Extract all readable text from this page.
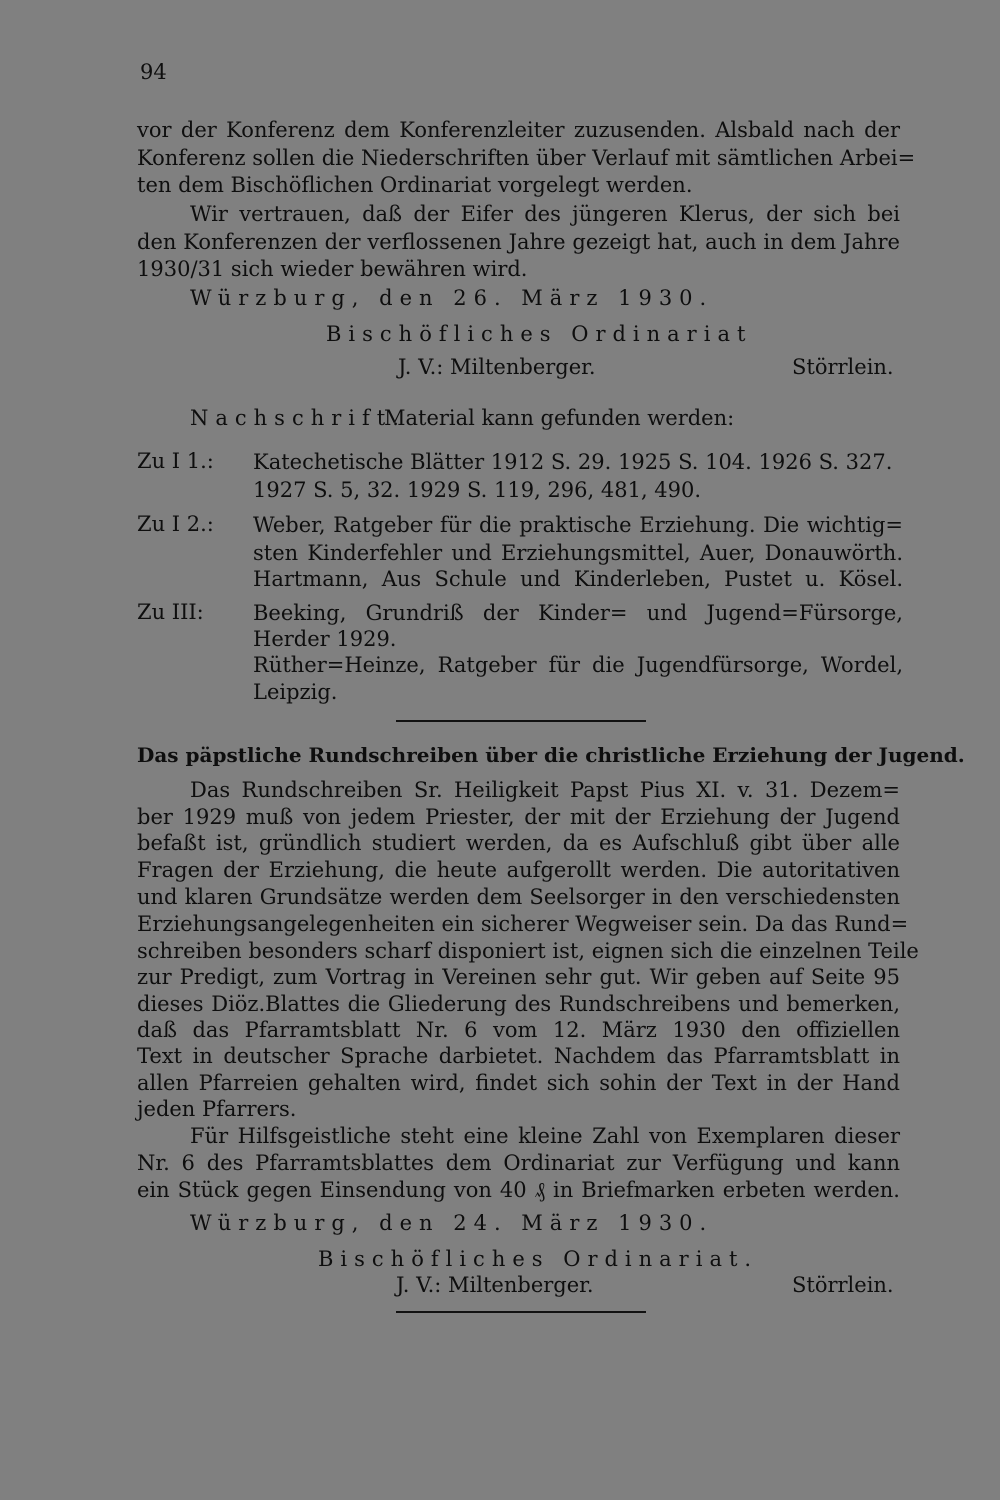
94
vor der Konferenz dem Konferenzleiter zuzusenden. Alsbald nach der
Konferenz sollen die Niederschriften über Verlauf mit sämtlichen Arbei=
ten dem Bischöflichen Ordinariat vorgelegt werden.
Wir vertrauen, daß der Eifer des jüngeren Klerus, der sich bei
den Konferenzen der verflossenen Jahre gezeigt hat, auch in dem Jahre
1930/31 sich wieder bewähren wird.
Würzburg, den 26. März 1930.
Bischöfliches Ordinariat
J. V.: Miltenberger.	Störrlein.
Nachschrift.
Material kann gefunden werden:
Zu I 1.: Katechetische Blätter 1912 S. 29. 1925 S. 104. 1926 S. 327.
1927 S. 5, 32. 1929 S. 119, 296, 481, 490.
Zu I 2.: Weber, Ratgeber für die praktische Erziehung. Die wichtig=
sten Kinderfehler und Erziehungsmittel, Auer, Donauwörth.
Hartmann, Aus Schule und Kinderleben, Pustet u. Kösel.
Zu III: Beeking, Grundriß der Kinder= und Jugend=Fürsorge,
Herder 1929.
Rüther=Heinze, Ratgeber für die Jugendfürsorge, Wordel,
Leipzig.
Das päpstliche Rundschreiben über die christliche Erziehung der Jugend.
Das Rundschreiben Sr. Heiligkeit Papst Pius XI. v. 31. Dezem=
ber 1929 muß von jedem Priester, der mit der Erziehung der Jugend
befaßt ist, gründlich studiert werden, da es Aufschluß gibt über alle
Fragen der Erziehung, die heute aufgerollt werden. Die autoritativen
und klaren Grundsätze werden dem Seelsorger in den verschiedensten
Erziehungsangelegenheiten ein sicherer Wegweiser sein. Da das Rund=
schreiben besonders scharf disponiert ist, eignen sich die einzelnen Teile
zur Predigt, zum Vortrag in Vereinen sehr gut. Wir geben auf Seite 95
dieses Diöz.Blattes die Gliederung des Rundschreibens und bemerken,
daß das Pfarramtsblatt Nr. 6 vom 12. März 1930 den offiziellen
Text in deutscher Sprache darbietet. Nachdem das Pfarramtsblatt in
allen Pfarreien gehalten wird, findet sich sohin der Text in der Hand
jeden Pfarrers.
Für Hilfsgeistliche steht eine kleine Zahl von Exemplaren dieser
Nr. 6 des Pfarramtsblattes dem Ordinariat zur Verfügung und kann
ein Stück gegen Einsendung von 40 ₰ in Briefmarken erbeten werden.
Würzburg, den 24. März 1930.
Bischöfliches Ordinariat.
J. V.: Miltenberger.	Störrlein.
